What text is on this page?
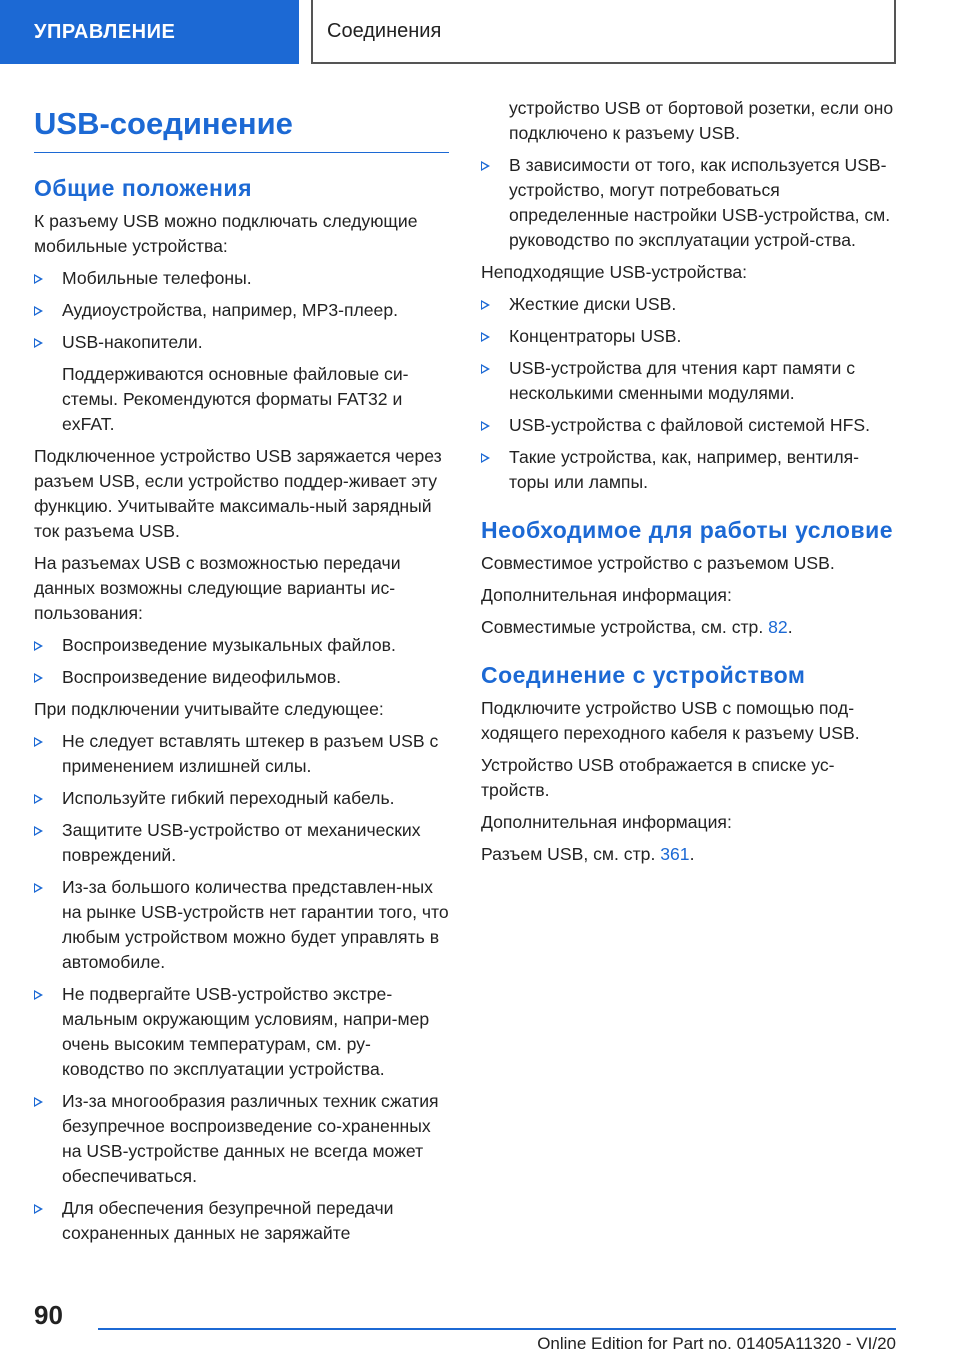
УПРАВЛЕНИЕ	Соединения
USB-соединение
Общие положения

К разъему USB можно подключать следующие мобильные устройства:

Мобильные телефоны.
Аудиоустройства, например, MP3-плеер.
USB-накопители.

Поддерживаются основные файловые си-стемы. Рекомендуются форматы FAT32 и exFAT.

Подключенное устройство USB заряжается через разъем USB, если устройство поддер-живает эту функцию. Учитывайте максималь-ный зарядный ток разъема USB.

На разъемах USB с возможностью передачи данных возможны следующие варианты ис-пользования:

Воспроизведение музыкальных файлов.
Воспроизведение видеофильмов.

При подключении учитывайте следующее:

Не следует вставлять штекер в разъем USB с применением излишней силы.
Используйте гибкий переходный кабель.
Защитите USB-устройство от механических повреждений.
Из-за большого количества представлен-ных на рынке USB-устройств нет гарантии того, что любым устройством можно будет управлять в автомобиле.
Не подвергайте USB-устройство экстре-мальным окружающим условиям, напри-мер очень высоким температурам, см. ру-ководство по эксплуатации устройства.
Из-за многообразия различных техник сжатия безупречное воспроизведение со-храненных на USB-устройстве данных не всегда может обеспечиваться.
Для обеспечения безупречной передачи сохраненных данных не заряжайте

устройство USB от бортовой розетки, если оно подключено к разъему USB.

В зависимости от того, как используется USB-устройство, могут потребоваться определенные настройки USB-устройства, см. руководство по эксплуатации устрой-ства.

Неподходящие USB-устройства:

Жесткие диски USB.
Концентраторы USB.
USB-устройства для чтения карт памяти с несколькими сменными модулями.
USB-устройства с файловой системой HFS.
Такие устройства, как, например, вентиля-торы или лампы.
Необходимое для работы условие

Совместимое устройство с разъемом USB.

Дополнительная информация:

Совместимые устройства, см. стр. 82.

Соединение с устройством

Подключите устройство USB с помощью под-ходящего переходного кабеля к разъему USB.

Устройство USB отображается в списке ус-тройств.

Дополнительная информация:

Разъем USB, см. стр. 361.

90
Online Edition for Part no. 01405A11320 - VI/20
